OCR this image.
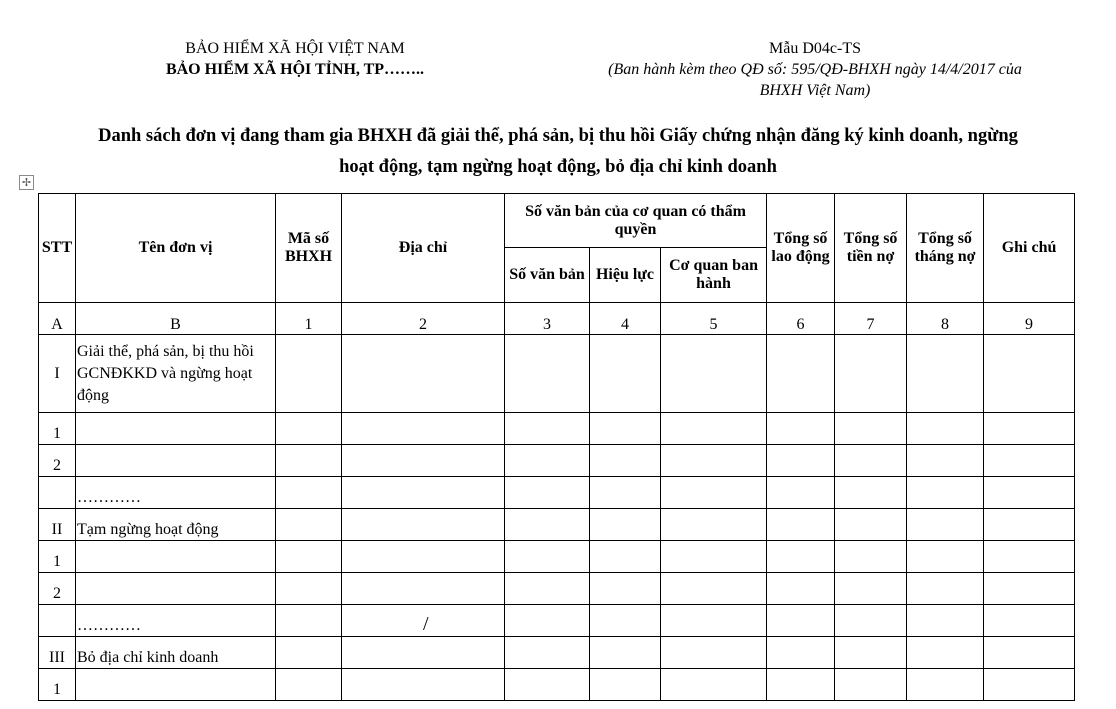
BẢO HIỂM XÃ HỘI VIỆT NAM
BẢO HIỂM XÃ HỘI TỈNH, TP……..
Mẫu D04c-TS
(Ban hành kèm theo QĐ số: 595/QĐ-BHXH ngày 14/4/2017 của
BHXH Việt Nam)
Danh sách đơn vị đang tham gia BHXH đã giải thể, phá sản, bị thu hồi Giấy chứng nhận đăng ký kinh doanh, ngừng
hoạt động, tạm ngừng hoạt động, bỏ địa chỉ kinh doanh
✢
STT	Tên đơn vị	Mã số BHXH	Địa chỉ	Số văn bản của cơ quan có thẩm quyền			Tổng số lao động	Tổng số tiền nợ	Tổng số tháng nợ	Ghi chú
				Số văn bản	Hiệu lực	Cơ quan ban hành				
A	B	1	2	3	4	5	6	7	8	9
I	Giải thể, phá sản, bị thu hồi GCNĐKKD và ngừng hoạt động									
1										
2										
	…………									
II	Tạm ngừng hoạt động									
1										
2										
	…………		/							
III	Bỏ địa chỉ kinh doanh									
1										
